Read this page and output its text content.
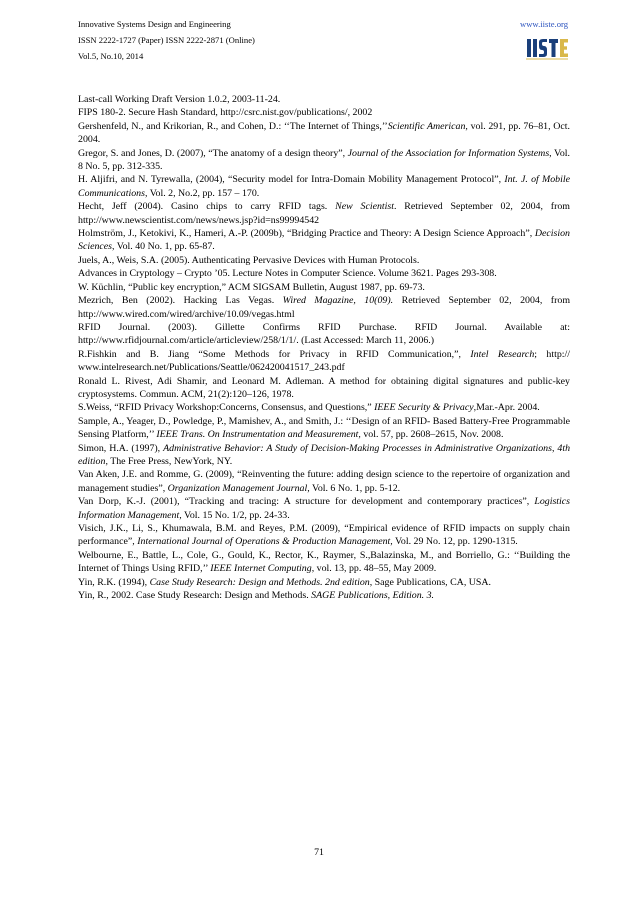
Innovative Systems Design and Engineering
ISSN 2222-1727 (Paper) ISSN 2222-2871 (Online)
Vol.5, No.10, 2014
www.iiste.org

Last-call Working Draft Version 1.0.2, 2003-11-24.

FIPS 180-2. Secure Hash Standard, http://csrc.nist.gov/publications/, 2002

Gershenfeld, N., and Krikorian, R., and Cohen, D.: ‘‘The Internet of Things,’’Scientific American, vol. 291, pp. 76–81, Oct. 2004.

Gregor, S. and Jones, D. (2007), “The anatomy of a design theory”, Journal of the Association for Information Systems, Vol. 8 No. 5, pp. 312-335.

H. Aljifri, and N. Tyrewalla, (2004), “Security model for Intra-Domain Mobility Management Protocol”, Int. J. of Mobile Communications, Vol. 2, No.2, pp. 157 – 170.

Hecht, Jeff (2004). Casino chips to carry RFID tags. New Scientist. Retrieved September 02, 2004, from http://www.newscientist.com/news/news.jsp?id=ns99994542

Holmström, J., Ketokivi, K., Hameri, A.-P. (2009b), “Bridging Practice and Theory: A Design Science Approach”, Decision Sciences, Vol. 40 No. 1, pp. 65-87.

Juels, A., Weis, S.A. (2005). Authenticating Pervasive Devices with Human Protocols.

Advances in Cryptology – Crypto ’05. Lecture Notes in Computer Science. Volume 3621. Pages 293-308.

W. Küchlin, “Public key encryption,” ACM SIGSAM Bulletin, August 1987, pp. 69-73.

Mezrich, Ben (2002). Hacking Las Vegas. Wired Magazine, 10(09). Retrieved September 02, 2004, from http://www.wired.com/wired/archive/10.09/vegas.html

RFID Journal. (2003). Gillette Confirms RFID Purchase. RFID Journal. Available at: http://www.rfidjournal.com/article/articleview/258/1/1/. (Last Accessed: March 11, 2006.)

R.Fishkin and B. Jiang “Some Methods for Privacy in RFID Communication,”, Intel Research; http:// www.intelresearch.net/Publications/Seattle/062420041517_243.pdf

Ronald L. Rivest, Adi Shamir, and Leonard M. Adleman. A method for obtaining digital signatures and public-key cryptosystems. Commun. ACM, 21(2):120–126, 1978.

S.Weiss, “RFID Privacy Workshop:Concerns, Consensus, and Questions,” IEEE Security & Privacy,Mar.-Apr. 2004.

Sample, A., Yeager, D., Powledge, P., Mamishev, A., and Smith, J.: ‘‘Design of an RFID- Based Battery-Free Programmable Sensing Platform,’’ IEEE Trans. On Instrumentation and Measurement, vol. 57, pp. 2608–2615, Nov. 2008.

Simon, H.A. (1997), Administrative Behavior: A Study of Decision-Making Processes in Administrative Organizations, 4th edition, The Free Press, NewYork, NY.

Van Aken, J.E. and Romme, G. (2009), “Reinventing the future: adding design science to the repertoire of organization and management studies”, Organization Management Journal, Vol. 6 No. 1, pp. 5-12.

Van Dorp, K.-J. (2001), “Tracking and tracing: A structure for development and contemporary practices”, Logistics Information Management, Vol. 15 No. 1/2, pp. 24-33.

Visich, J.K., Li, S., Khumawala, B.M. and Reyes, P.M. (2009), “Empirical evidence of RFID impacts on supply chain performance”, International Journal of Operations & Production Management, Vol. 29 No. 12, pp. 1290-1315.

Welbourne, E., Battle, L., Cole, G., Gould, K., Rector, K., Raymer, S.,Balazinska, M., and Borriello, G.: ‘‘Building the Internet of Things Using RFID,’’ IEEE Internet Computing, vol. 13, pp. 48–55, May 2009.

Yin, R.K. (1994), Case Study Research: Design and Methods. 2nd edition, Sage Publications, CA, USA.

Yin, R., 2002. Case Study Research: Design and Methods. SAGE Publications, Edition. 3.

71
